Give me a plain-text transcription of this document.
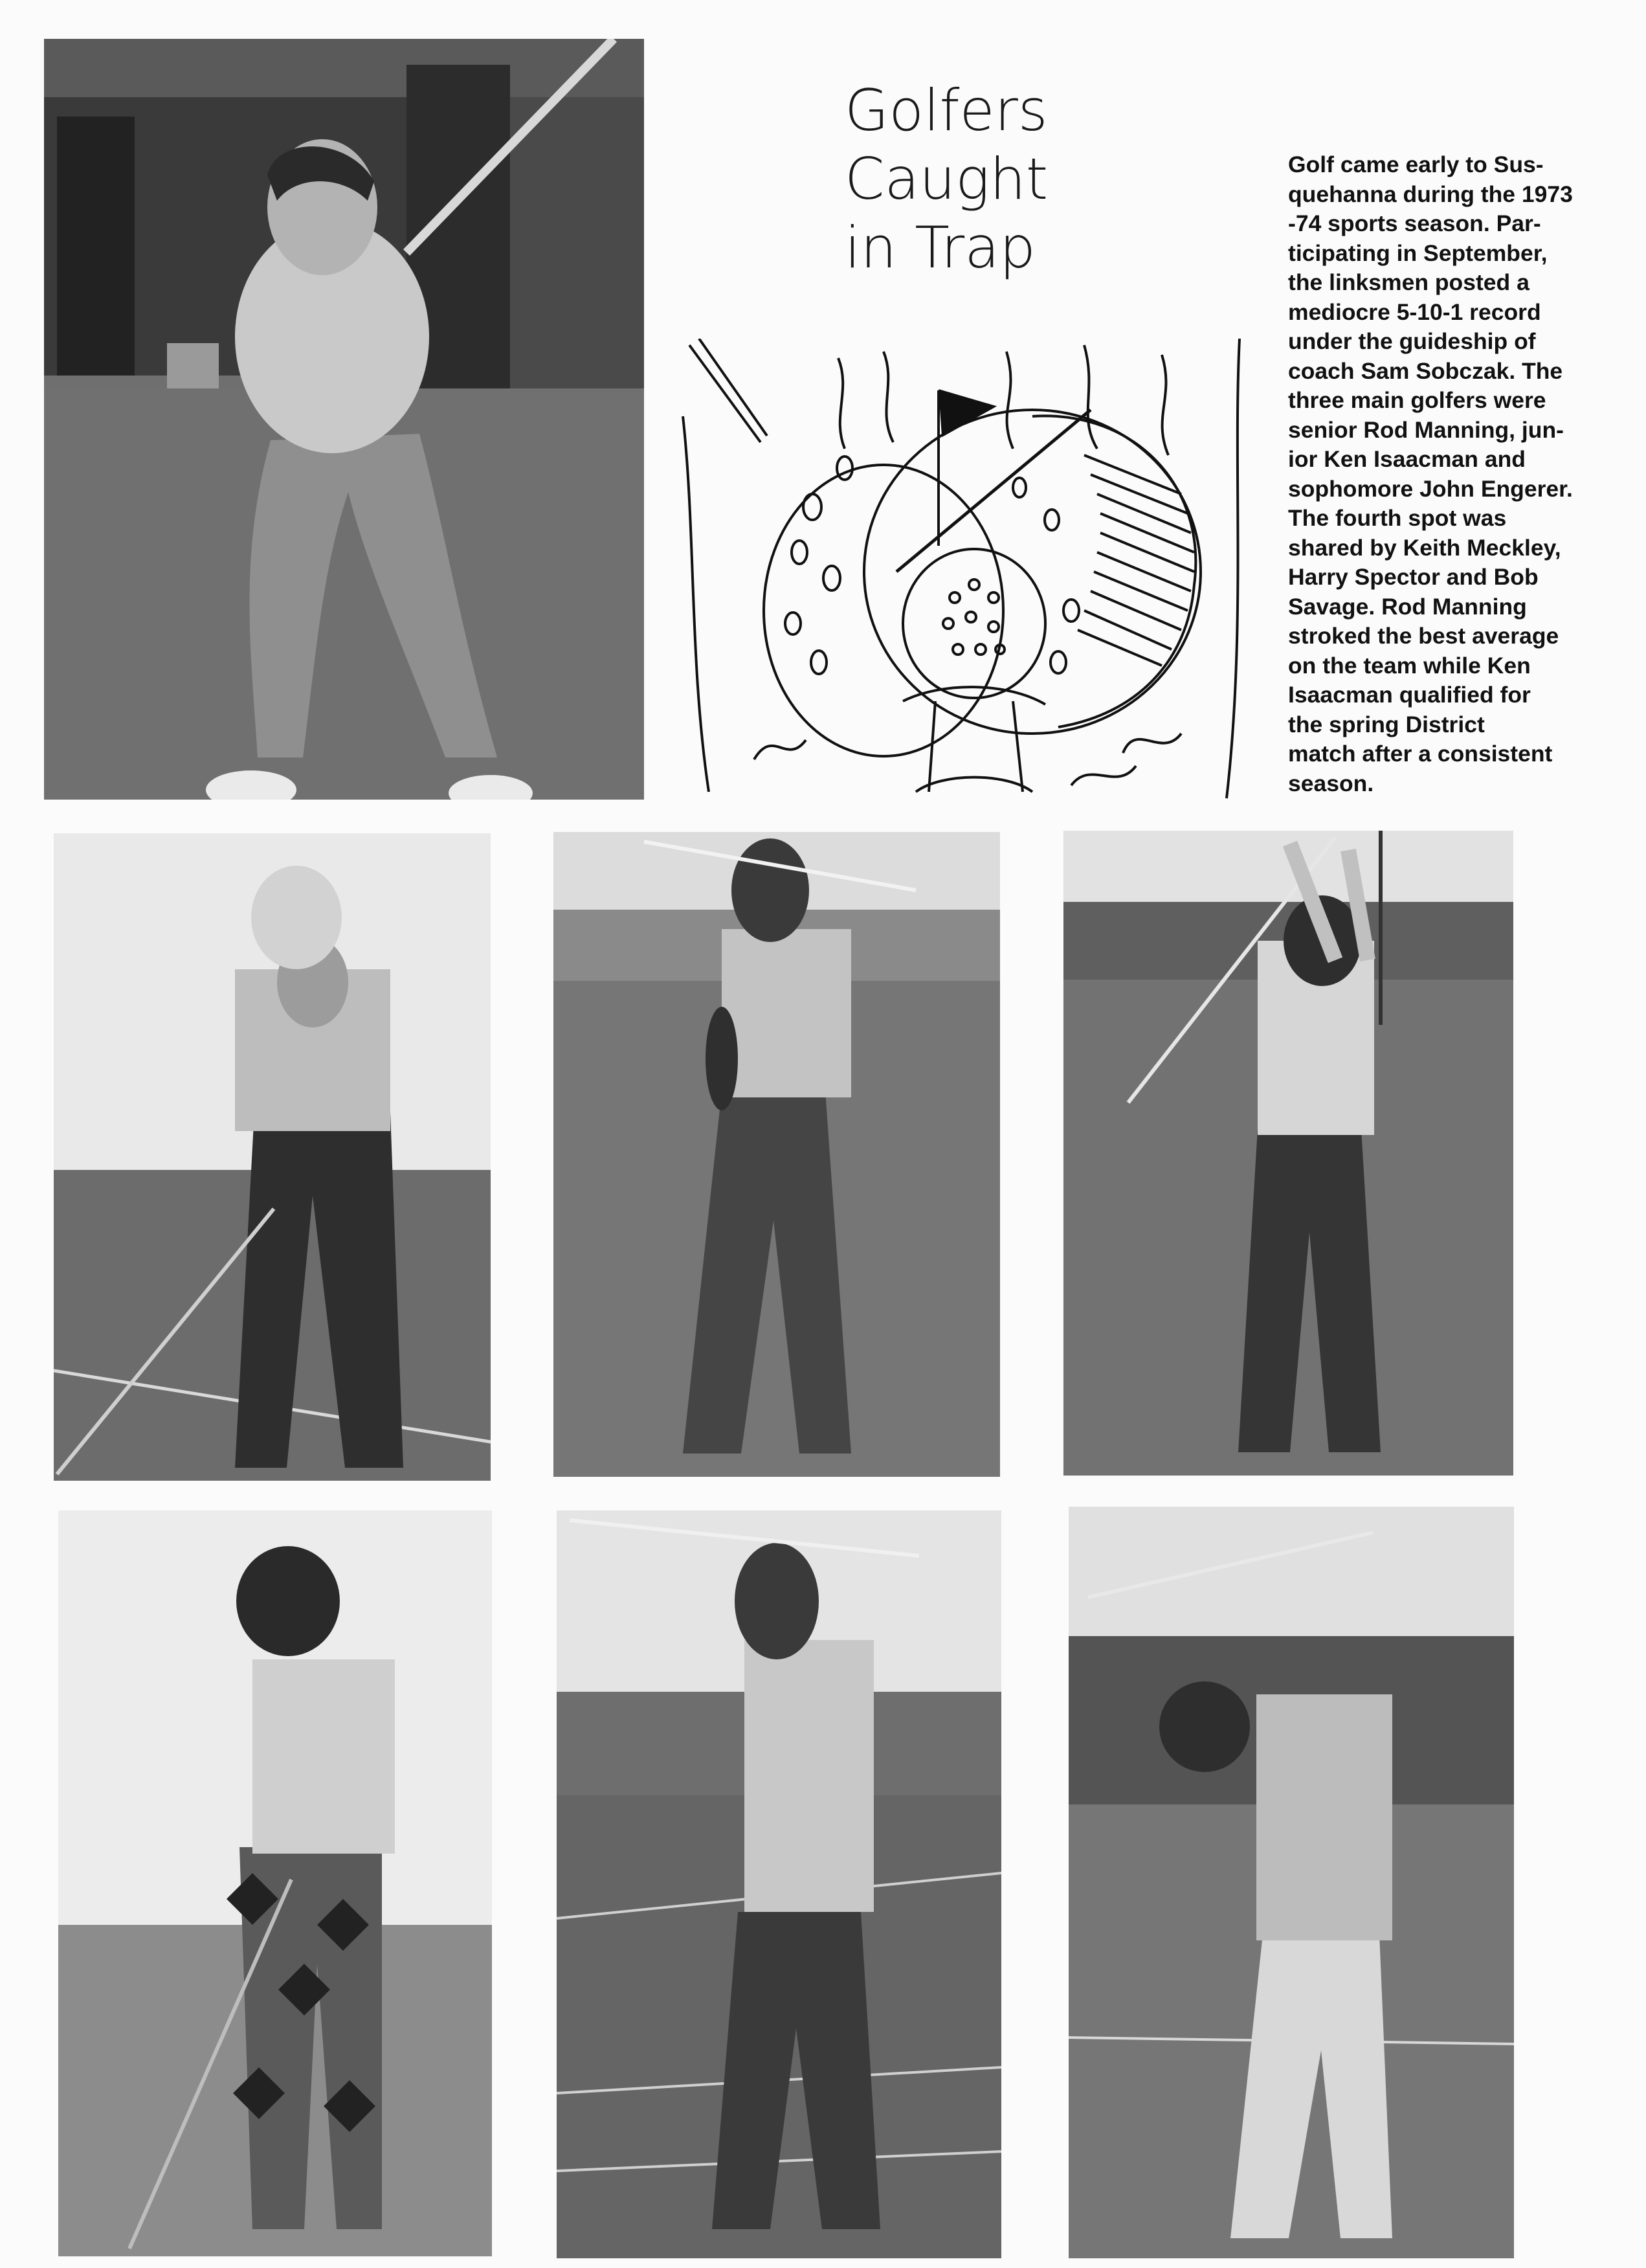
Golfers
Caught
in Trap

Golf came early to Sus-
quehanna during the 1973
-74 sports season. Par-
ticipating in September,
the linksmen posted a
mediocre 5-10-1 record
under the guideship of
coach Sam Sobczak. The
three main golfers were
senior Rod Manning, jun-
ior Ken Isaacman and
sophomore John Engerer.
The fourth spot was
shared by Keith Meckley,
Harry Spector and Bob
Savage. Rod Manning
stroked the best average
on the team while Ken
Isaacman qualified for
the spring District
match after a consistent
season.
